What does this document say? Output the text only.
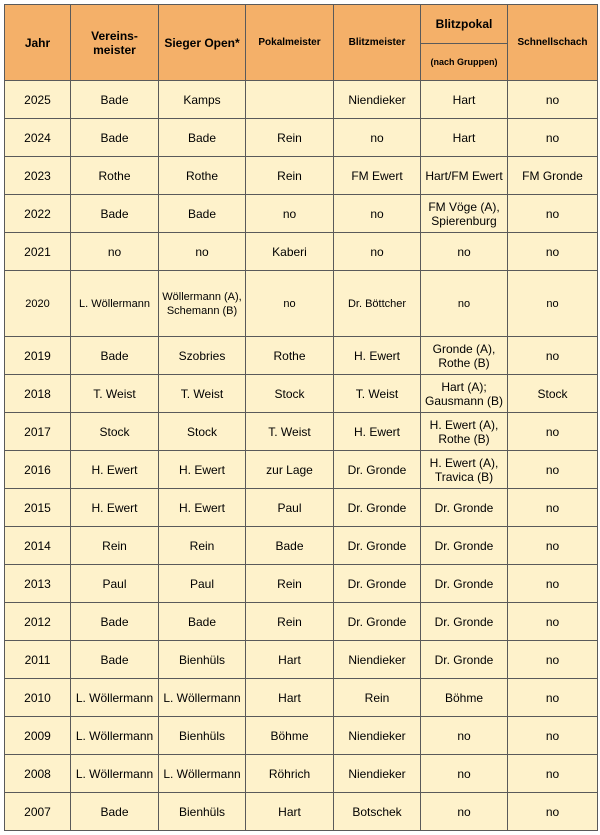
Jahr	Vereins-meister	Sieger Open*	Pokalmeister	Blitzmeister	Blitzpokal	Schnellschach
					(nach Gruppen)	
2025	Bade	Kamps		Niendieker	Hart	no
2024	Bade	Bade	Rein	no	Hart	no
2023	Rothe	Rothe	Rein	FM Ewert	Hart/FM Ewert	FM Gronde
2022	Bade	Bade	no	no	FM Vöge (A), Spierenburg	no
2021	no	no	Kaberi	no	no	no
2020	L. Wöllermann	Wöllermann (A), Schemann (B)	no	Dr. Böttcher	no	no
2019	Bade	Szobries	Rothe	H. Ewert	Gronde (A), Rothe (B)	no
2018	T. Weist	T. Weist	Stock	T. Weist	Hart (A); Gausmann (B)	Stock
2017	Stock	Stock	T. Weist	H. Ewert	H. Ewert (A), Rothe (B)	no
2016	H. Ewert	H. Ewert	zur Lage	Dr. Gronde	H. Ewert (A), Travica (B)	no
2015	H. Ewert	H. Ewert	Paul	Dr. Gronde	Dr. Gronde	no
2014	Rein	Rein	Bade	Dr. Gronde	Dr. Gronde	no
2013	Paul	Paul	Rein	Dr. Gronde	Dr. Gronde	no
2012	Bade	Bade	Rein	Dr. Gronde	Dr. Gronde	no
2011	Bade	Bienhüls	Hart	Niendieker	Dr. Gronde	no
2010	L. Wöllermann	L. Wöllermann	Hart	Rein	Böhme	no
2009	L. Wöllermann	Bienhüls	Böhme	Niendieker	no	no
2008	L. Wöllermann	L. Wöllermann	Röhrich	Niendieker	no	no
2007	Bade	Bienhüls	Hart	Botschek	no	no
